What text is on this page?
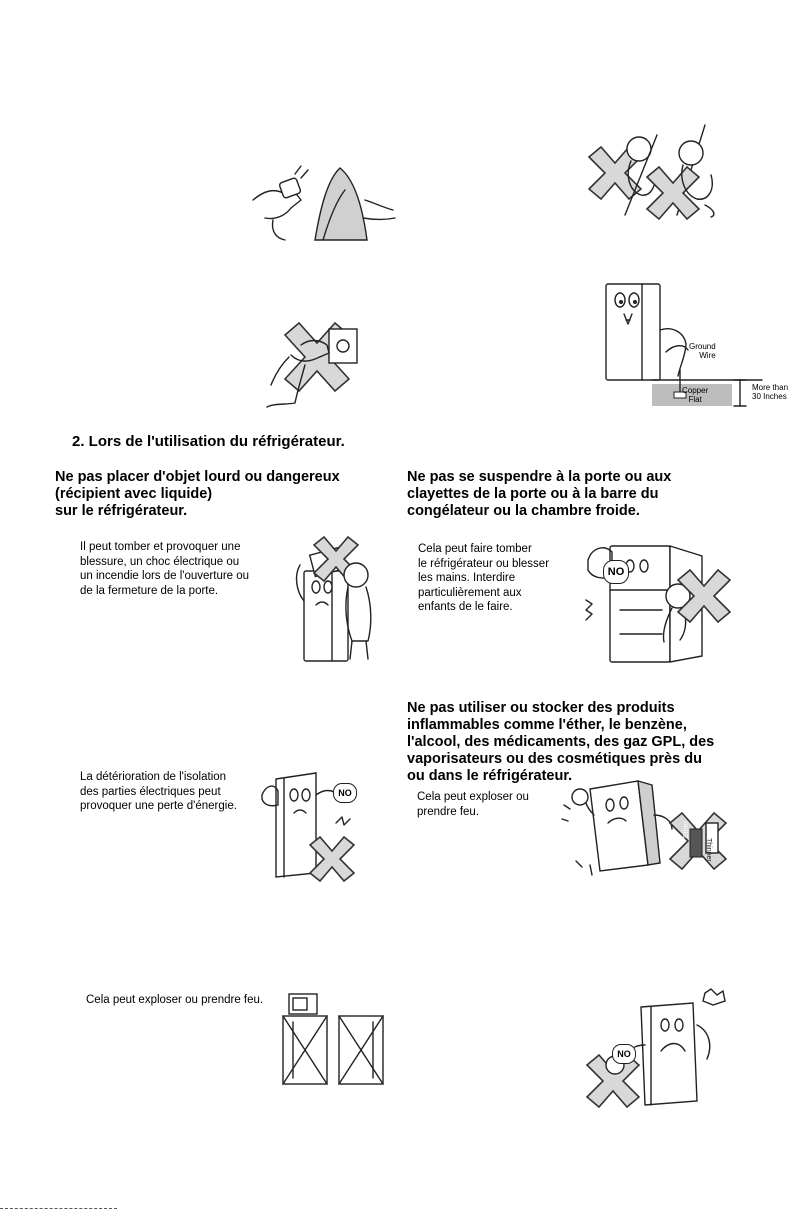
Ground
Wire
Copper
Flat
More than
30 Inches
2. Lors de l'utilisation du réfrigérateur.
Ne pas placer d'objet lourd ou dangereux
(récipient avec liquide)
sur le réfrigérateur.
Il peut tomber et provoquer une
blessure, un choc électrique ou
un incendie lors de l'ouverture ou
de la fermeture de la porte.
Ne pas se suspendre à la porte ou aux
clayettes de la porte ou à la barre du
congélateur ou la chambre froide.
Cela peut faire tomber
le réfrigérateur ou blesser
les mains. Interdire
particulièrement aux
enfants de le faire.
NO
Ne pas utiliser ou stocker des produits
inflammables comme l'éther, le benzène,
l'alcool, des médicaments, des gaz GPL, des
vaporisateurs ou des cosmétiques près du
ou dans le réfrigérateur.
La détérioration de l'isolation
des parties électriques peut
provoquer une perte d'énergie.
NO	Cela peut exploser ou
prendre feu.
Ether
Thinner
Cela peut exploser ou prendre feu.
NO
